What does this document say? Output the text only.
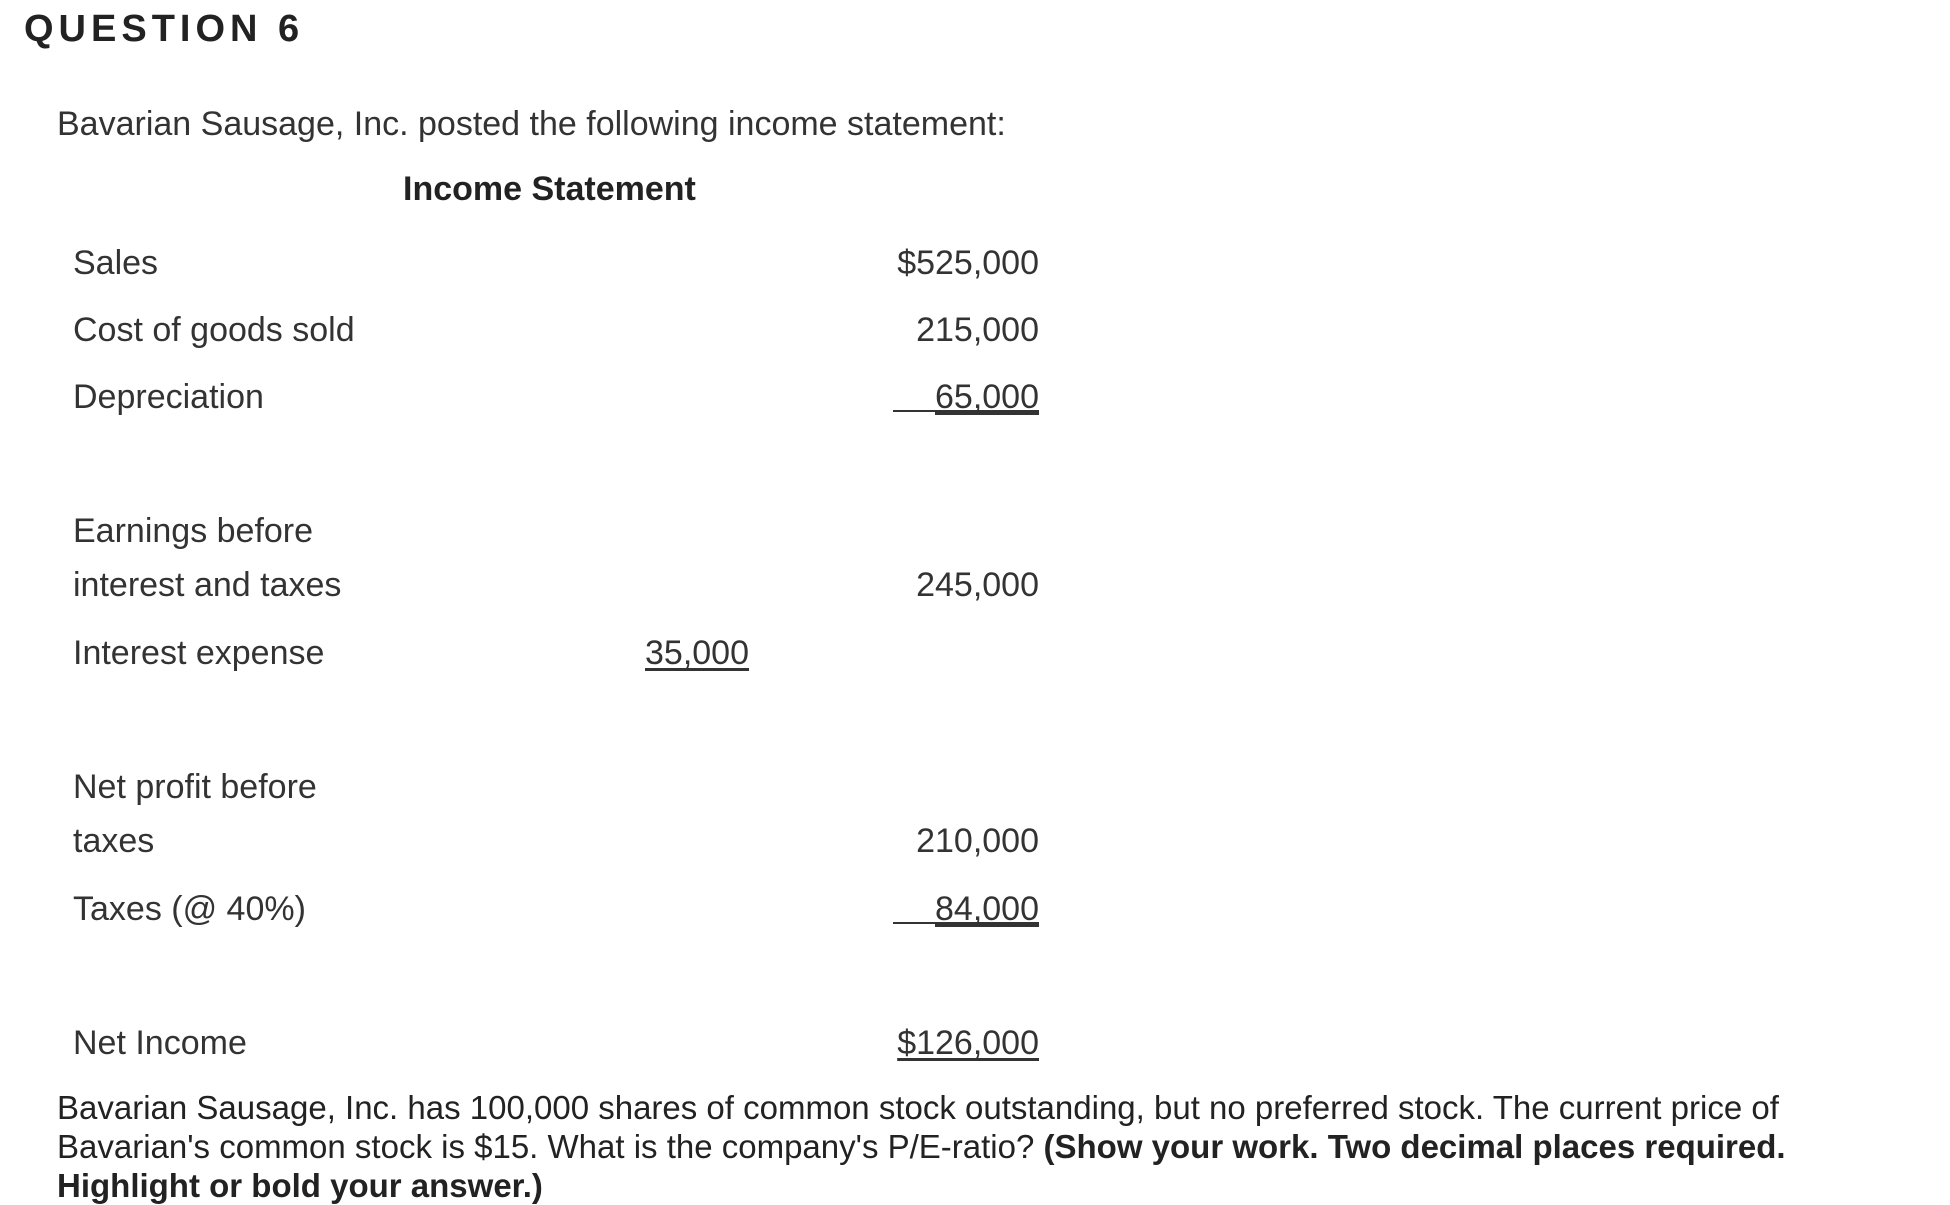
QUESTION 6
Bavarian Sausage, Inc. posted the following income statement:
Income Statement
Sales	$525,000
Cost of goods sold	215,000
Depreciation	65,000
Earnings before
interest and taxes	245,000
Interest expense	35,000
Net profit before
taxes	210,000
Taxes (@ 40%)	84,000
Net Income	$126,000
Bavarian Sausage, Inc. has 100,000 shares of common stock outstanding, but no preferred stock. The current price of Bavarian's common stock is $15. What is the company's P/E-ratio? (Show your work. Two decimal places required. Highlight or bold your answer.)
